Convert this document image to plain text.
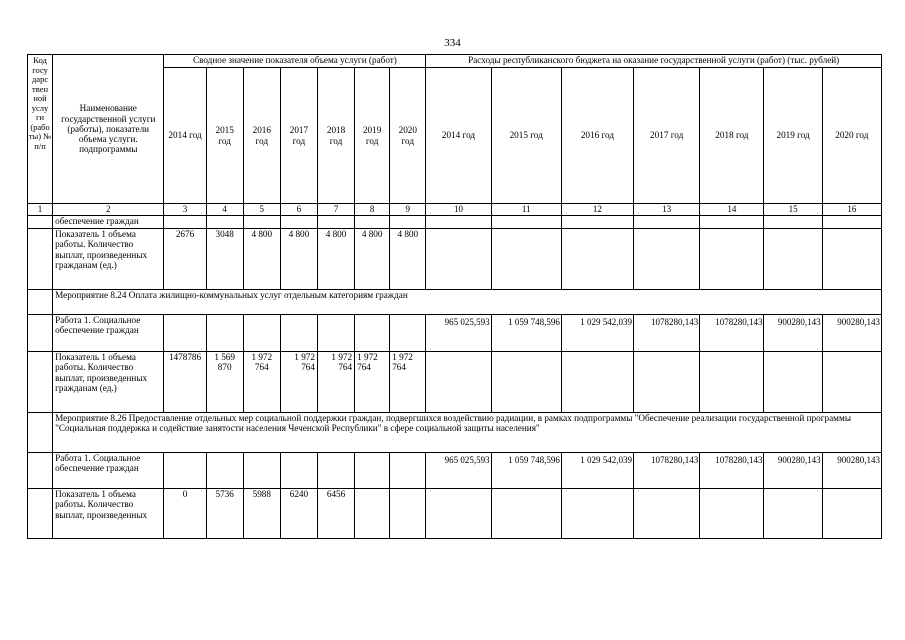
334
Код госу дарс твен ной услу ги (рабо ты) № п/п	Наименование государственной услуги (работы), показатели объема услуги. подпрограммы	Сводное значение показателя объема услуги (работ)							Расходы республиканского бюджета на оказание государственной услуги (работ) (тыс. рублей)						
		2014 год	2015 год	2016 год	2017 год	2018 год	2019 год	2020 год	2014 год	2015 год	2016 год	2017 год	2018 год	2019 год	2020 год
1	2	3	4	5	6	7	8	9	10	11	12	13	14	15	16
	обеспечение граждан														
	Показатель 1 объема работы. Количество выплат, произведенных гражданам (ед.)	2676	3048	4 800	4 800	4 800	4 800	4 800							
	Мероприятие 8.24 Оплата жилищно-коммунальных услуг отдельным категориям граждан														
	Работа 1. Социальное обеспечение граждан								965 025,593	1 059 748,596	1 029 542,039	1078280,143	1078280,143	900280,143	900280,143
	Показатель 1 объема работы. Количество выплат, произведенных гражданам (ед.)	1478786	1 569 870	1 972 764	1 972 764	1 972 764	1 972 764	1 972 764							
	Мероприятие 8.26 Предоставление отдельных мер социальной поддержки граждан, подвергшихся воздействию радиации, в рамках подпрограммы "Обеспечение реализации государственной программы "Социальная поддержка и содействие занятости населения Чеченской Республики" в сфере социальной защиты населения"														
	Работа 1. Социальное обеспечение граждан								965 025,593	1 059 748,596	1 029 542,039	1078280,143	1078280,143	900280,143	900280,143
	Показатель 1 объема работы. Количество выплат, произведенных	0	5736	5988	6240	6456									
